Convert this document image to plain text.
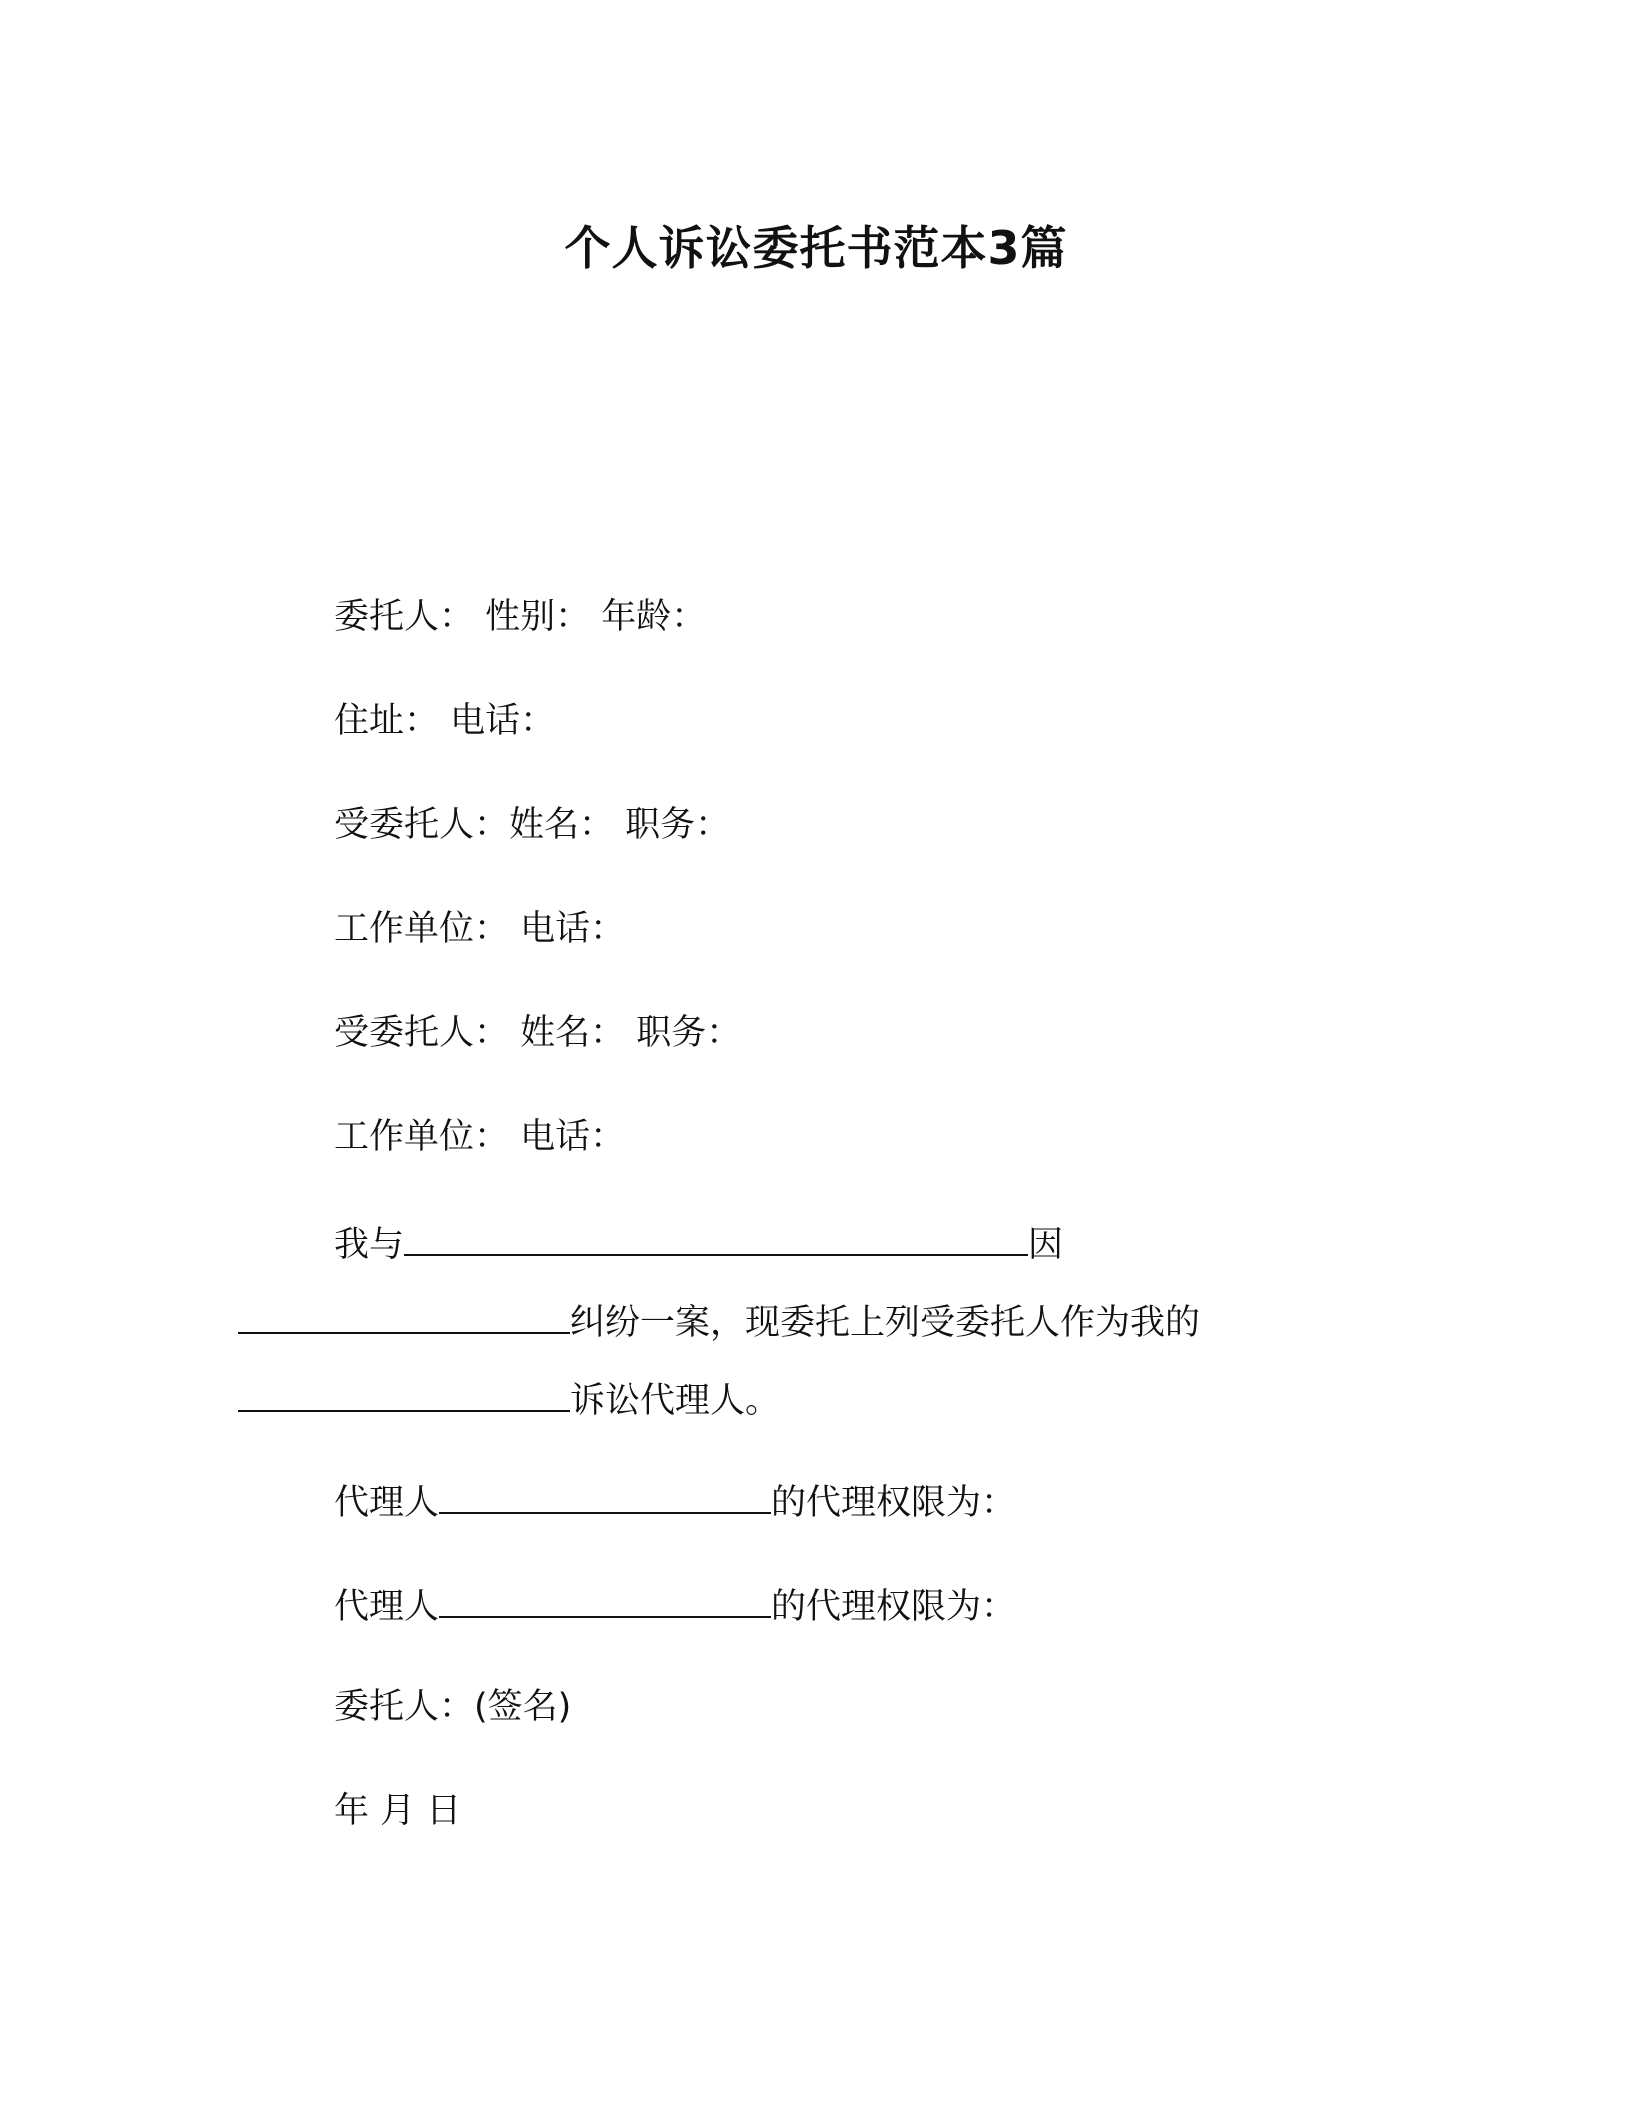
个人诉讼委托书范本3篇
委托人： 性别： 年龄：
住址： 电话：
受委托人：姓名： 职务：
工作单位： 电话：
受委托人： 姓名： 职务：
工作单位： 电话：
我与	因
纠纷一案，现委托上列受委托人作为我的
诉讼代理人。
代理人	的代理权限为：
代理人	的代理权限为：
委托人：(签名)
年 月 日
